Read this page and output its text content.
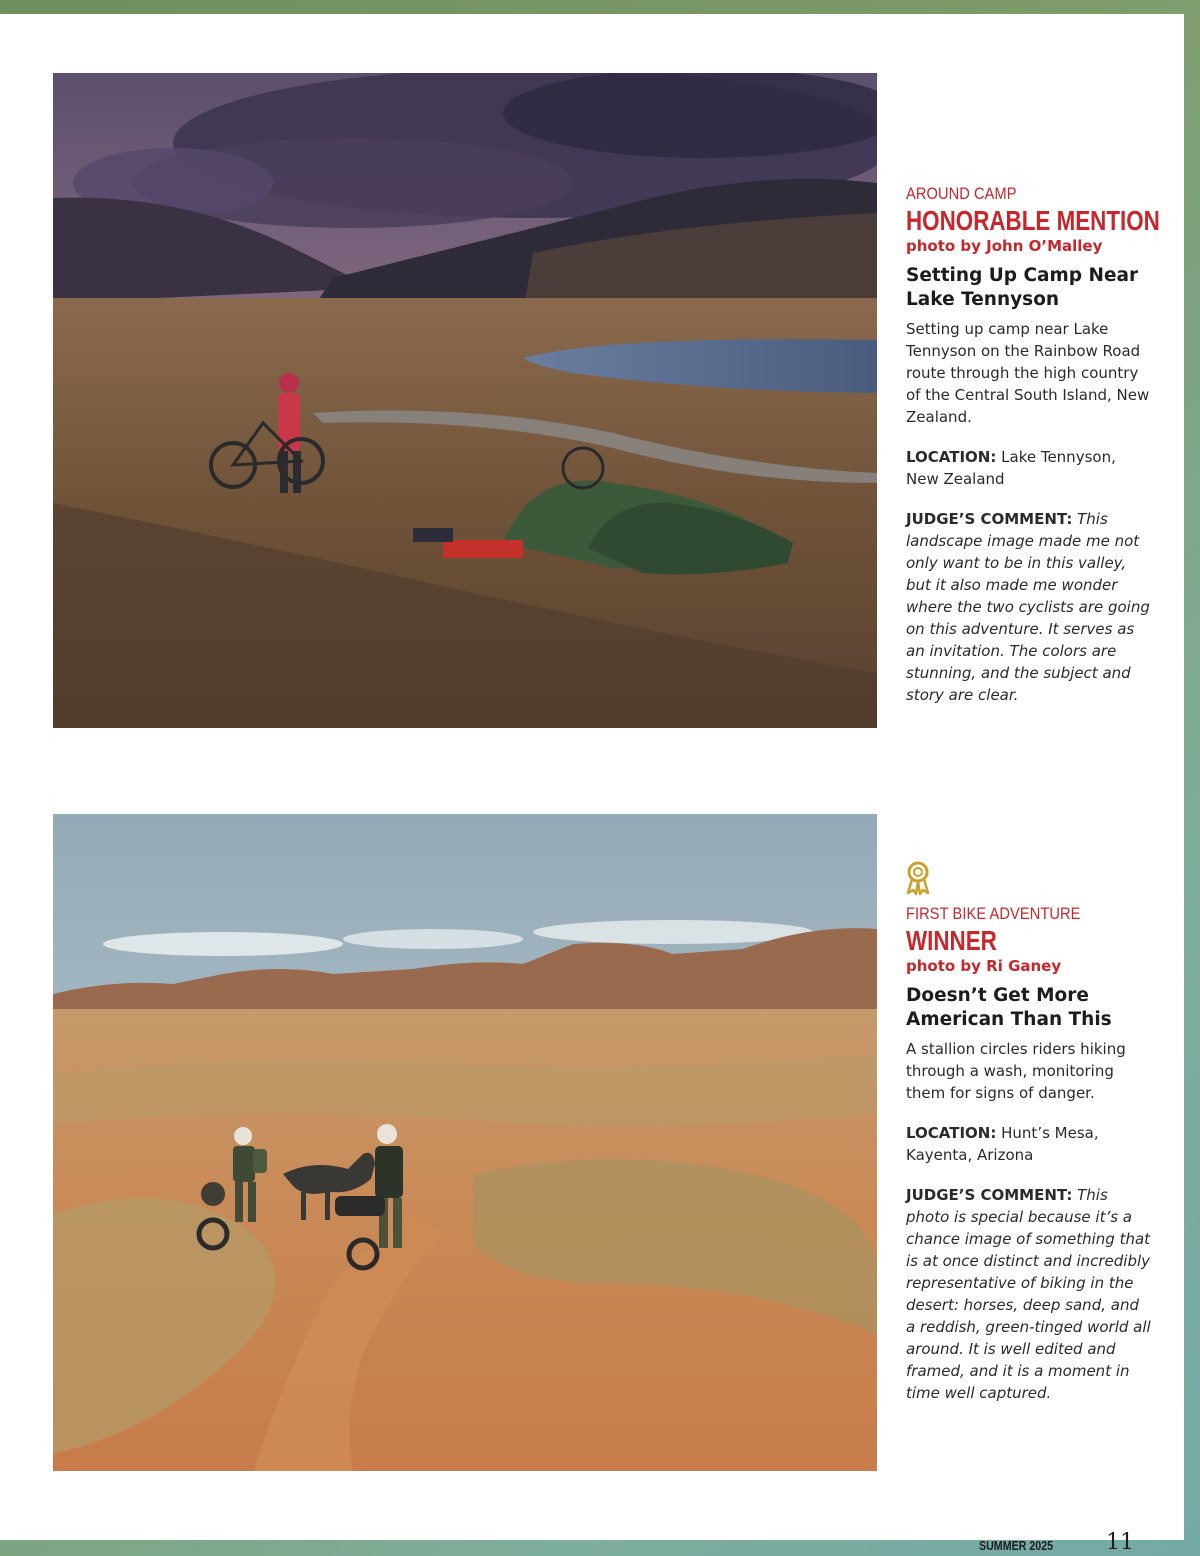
AROUND CAMP
HONORABLE MENTION
photo by John O’Malley
Setting Up Camp Near Lake Tennyson

Setting up camp near Lake Tennyson on the Rainbow Road route through the high country of the Central South Island, New Zealand.

LOCATION: Lake Tennyson, New Zealand

JUDGE’S COMMENT: This landscape image made me not only want to be in this valley, but it also made me wonder where the two cyclists are going on this adventure. It serves as an invitation. The colors are stunning, and the subject and story are clear.

FIRST BIKE ADVENTURE
WINNER
photo by Ri Ganey
Doesn’t Get More American Than This

A stallion circles riders hiking through a wash, monitoring them for signs of danger.

LOCATION: Hunt’s Mesa, Kayenta, Arizona

JUDGE’S COMMENT: This photo is special because it’s a chance image of something that is at once distinct and incredibly representative of biking in the desert: horses, deep sand, and a reddish, green-tinged world all around. It is well edited and framed, and it is a moment in time well captured.

SUMMER 2025 11
